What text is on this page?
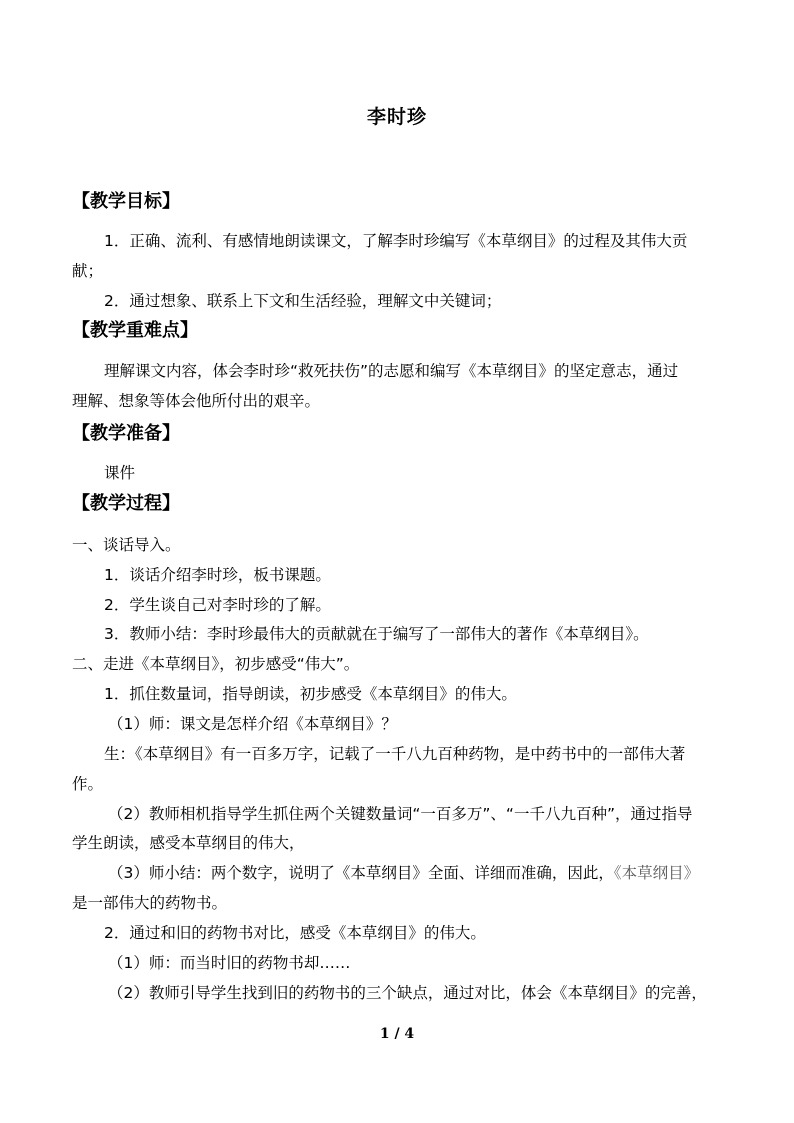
李时珍
【教学目标】
1．正确、流利、有感情地朗读课文，了解李时珍编写《本草纲目》的过程及其伟大贡
献；
2．通过想象、联系上下文和生活经验，理解文中关键词；
【教学重难点】
理解课文内容，体会李时珍“救死扶伤”的志愿和编写《本草纲目》的坚定意志，通过
理解、想象等体会他所付出的艰辛。
【教学准备】
课件
【教学过程】
一、谈话导入。
1．谈话介绍李时珍，板书课题。
2．学生谈自己对李时珍的了解。
3．教师小结：李时珍最伟大的贡献就在于编写了一部伟大的著作《本草纲目》。
二、走进《本草纲目》，初步感受“伟大”。
1．抓住数量词，指导朗读，初步感受《本草纲目》的伟大。
（1）师：课文是怎样介绍《本草纲目》？
生：《本草纲目》有一百多万字，记载了一千八九百种药物，是中药书中的一部伟大著
作。
（2）教师相机指导学生抓住两个关键数量词“一百多万”、“一千八九百种”，通过指导
学生朗读，感受本草纲目的伟大，
（3）师小结：两个数字，说明了《本草纲目》全面、详细而准确，因此，《本草纲目》
是一部伟大的药物书。
2．通过和旧的药物书对比，感受《本草纲目》的伟大。
（1）师：而当时旧的药物书却……
（2）教师引导学生找到旧的药物书的三个缺点，通过对比，体会《本草纲目》的完善，
1 / 4
